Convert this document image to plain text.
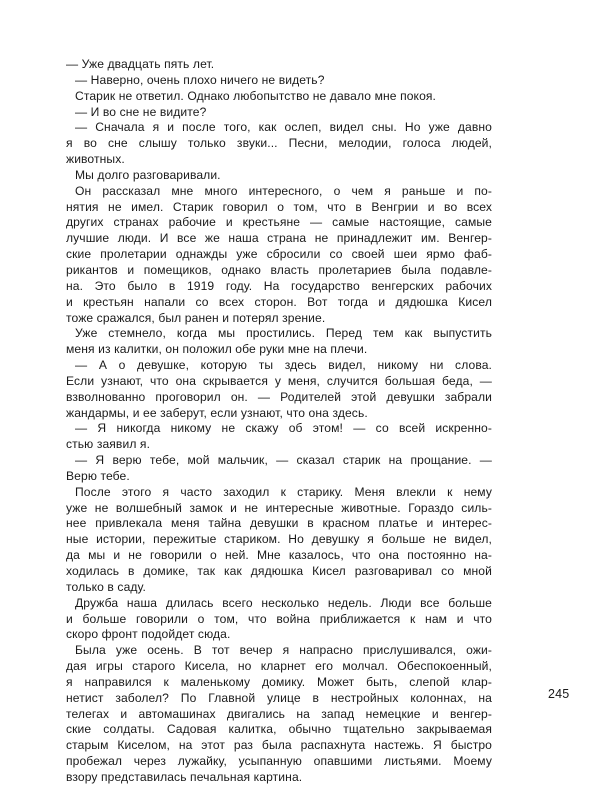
— Уже двадцать пять лет.
— Наверно, очень плохо ничего не видеть?
Старик не ответил. Однако любопытство не давало мне покоя.
— И во сне не видите?
— Сначала я и после того, как ослеп, видел сны. Но уже давно
я во сне слышу только звуки... Песни, мелодии, голоса людей,
животных.
Мы долго разговаривали.
Он рассказал мне много интересного, о чем я раньше и по-
нятия не имел. Старик говорил о том, что в Венгрии и во всех
других странах рабочие и крестьяне — самые настоящие, самые
лучшие люди. И все же наша страна не принадлежит им. Венгер-
ские пролетарии однажды уже сбросили со своей шеи ярмо фаб-
рикантов и помещиков, однако власть пролетариев была подавле-
на. Это было в 1919 году. На государство венгерских рабочих
и крестьян напали со всех сторон. Вот тогда и дядюшка Кисел
тоже сражался, был ранен и потерял зрение.
Уже стемнело, когда мы простились. Перед тем как выпустить
меня из калитки, он положил обе руки мне на плечи.
— А о девушке, которую ты здесь видел, никому ни слова.
Если узнают, что она скрывается у меня, случится большая беда, —
взволнованно проговорил он. — Родителей этой девушки забрали
жандармы, и ее заберут, если узнают, что она здесь.
— Я никогда никому не скажу об этом! — со всей искренно-
стью заявил я.
— Я верю тебе, мой мальчик, — сказал старик на прощание. —
Верю тебе.
После этого я часто заходил к старику. Меня влекли к нему
уже не волшебный замок и не интересные животные. Гораздо силь-
нее привлекала меня тайна девушки в красном платье и интерес-
ные истории, пережитые стариком. Но девушку я больше не видел,
да мы и не говорили о ней. Мне казалось, что она постоянно на-
ходилась в домике, так как дядюшка Кисел разговаривал со мной
только в саду.
Дружба наша длилась всего несколько недель. Люди все больше
и больше говорили о том, что война приближается к нам и что
скоро фронт подойдет сюда.
Была уже осень. В тот вечер я напрасно прислушивался, ожи-
дая игры старого Кисела, но кларнет его молчал. Обеспокоенный,
я направился к маленькому домику. Может быть, слепой клар-
нетист заболел? По Главной улице в нестройных колоннах, на
телегах и автомашинах двигались на запад немецкие и венгер-
ские солдаты. Садовая калитка, обычно тщательно закрываемая
старым Киселом, на этот раз была распахнута настежь. Я быстро
пробежал через лужайку, усыпанную опавшими листьями. Моему
взору представилась печальная картина.
245
